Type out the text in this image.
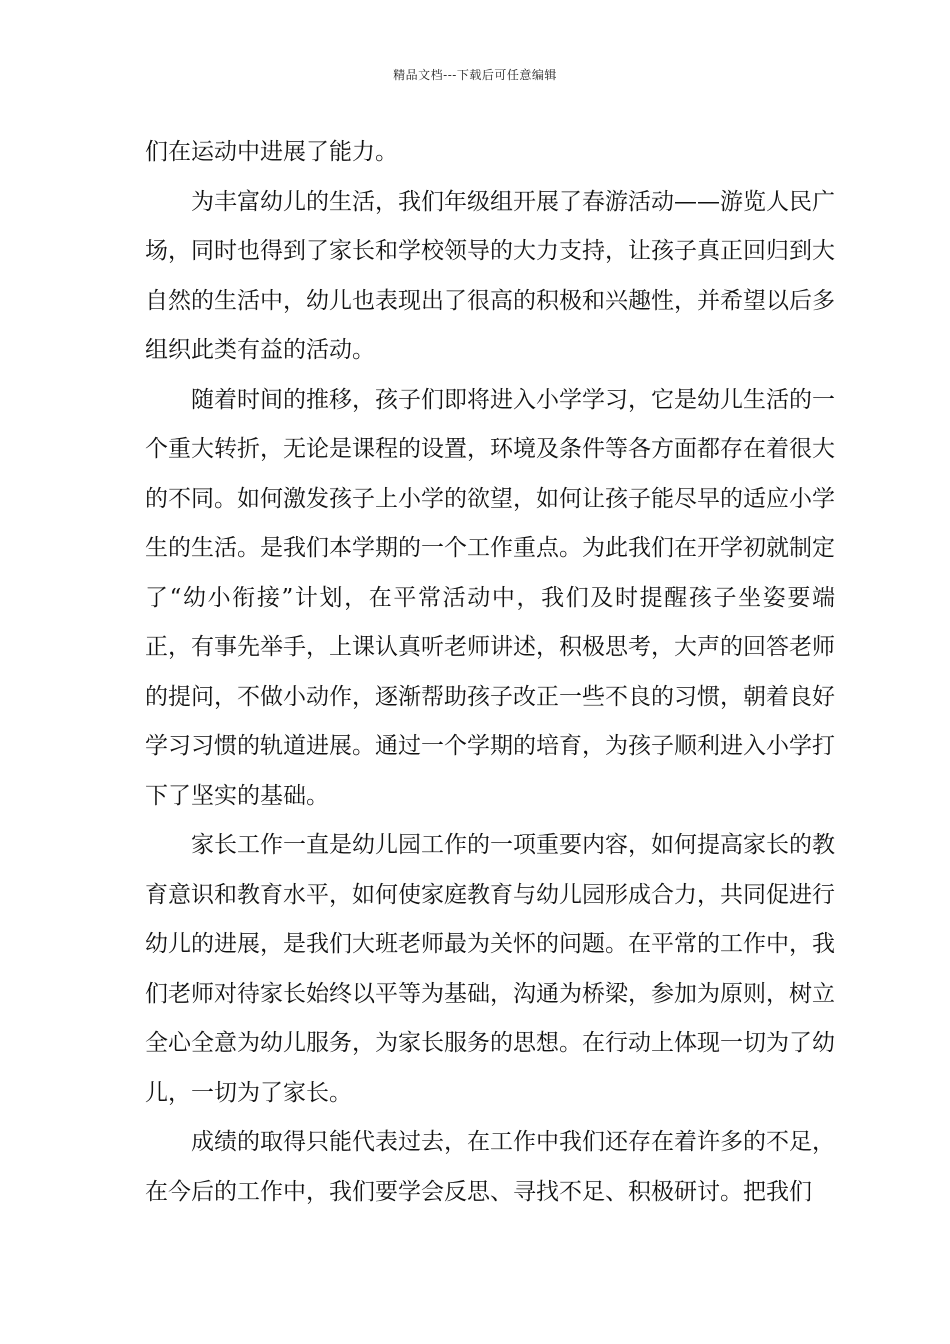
精品文档---下载后可任意编辑

们在运动中进展了能力。

为丰富幼儿的生活，我们年级组开展了春游活动——游览人民广场，同时也得到了家长和学校领导的大力支持，让孩子真正回归到大自然的生活中，幼儿也表现出了很高的积极和兴趣性，并希望以后多组织此类有益的活动。

随着时间的推移，孩子们即将进入小学学习，它是幼儿生活的一个重大转折，无论是课程的设置，环境及条件等各方面都存在着很大的不同。如何激发孩子上小学的欲望，如何让孩子能尽早的适应小学生的生活。是我们本学期的一个工作重点。为此我们在开学初就制定了“幼小衔接”计划，在平常活动中，我们及时提醒孩子坐姿要端正，有事先举手，上课认真听老师讲述，积极思考，大声的回答老师的提问，不做小动作，逐渐帮助孩子改正一些不良的习惯，朝着良好学习习惯的轨道进展。通过一个学期的培育，为孩子顺利进入小学打下了坚实的基础。

家长工作一直是幼儿园工作的一项重要内容，如何提高家长的教育意识和教育水平，如何使家庭教育与幼儿园形成合力，共同促进行幼儿的进展，是我们大班老师最为关怀的问题。在平常的工作中，我们老师对待家长始终以平等为基础，沟通为桥梁，参加为原则，树立全心全意为幼儿服务，为家长服务的思想。在行动上体现一切为了幼儿，一切为了家长。

成绩的取得只能代表过去，在工作中我们还存在着许多的不足，在今后的工作中，我们要学会反思、寻找不足、积极研讨。把我们
